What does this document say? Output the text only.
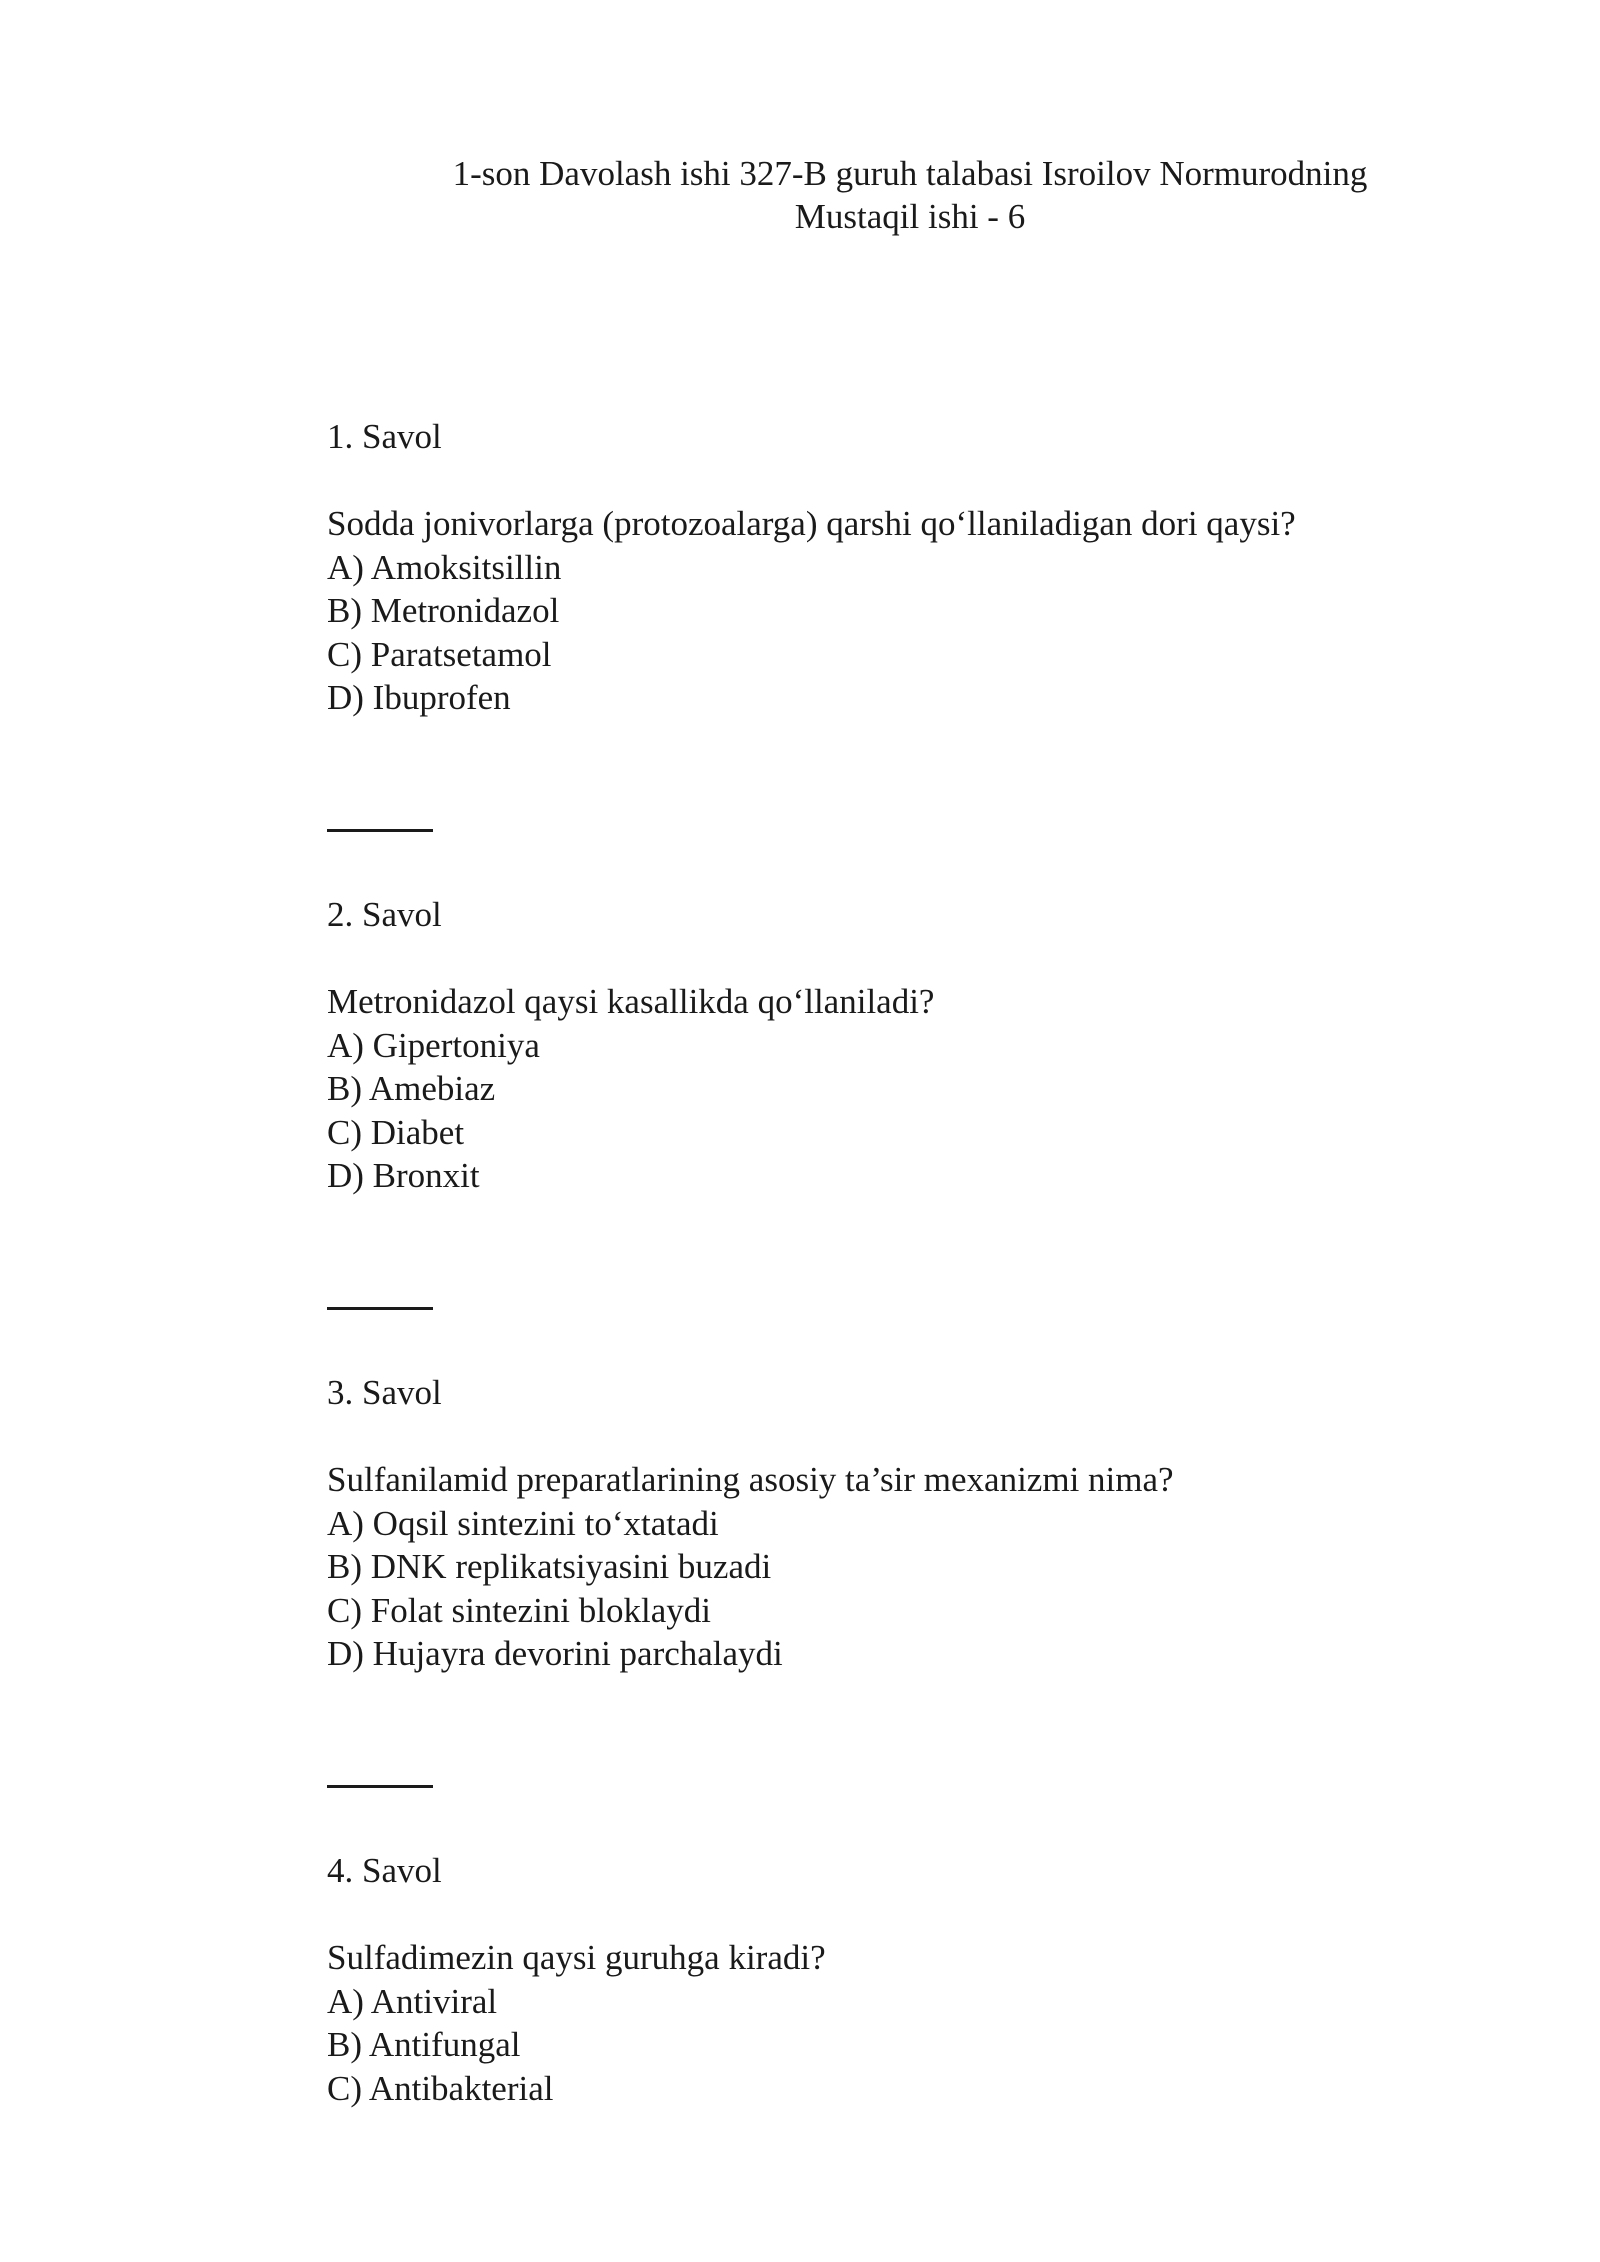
1-son Davolash ishi 327-B guruh talabasi Isroilov Normurodning
Mustaqil ishi - 6
1. Savol
Sodda jonivorlarga (protozoalarga) qarshi qo‘llaniladigan dori qaysi?
A) Amoksitsillin
B) Metronidazol
C) Paratsetamol
D) Ibuprofen
2. Savol
Metronidazol qaysi kasallikda qo‘llaniladi?
A) Gipertoniya
B) Amebiaz
C) Diabet
D) Bronxit
3. Savol
Sulfanilamid preparatlarining asosiy ta’sir mexanizmi nima?
A) Oqsil sintezini to‘xtatadi
B) DNK replikatsiyasini buzadi
C) Folat sintezini bloklaydi
D) Hujayra devorini parchalaydi
4. Savol
Sulfadimezin qaysi guruhga kiradi?
A) Antiviral
B) Antifungal
C) Antibakterial
